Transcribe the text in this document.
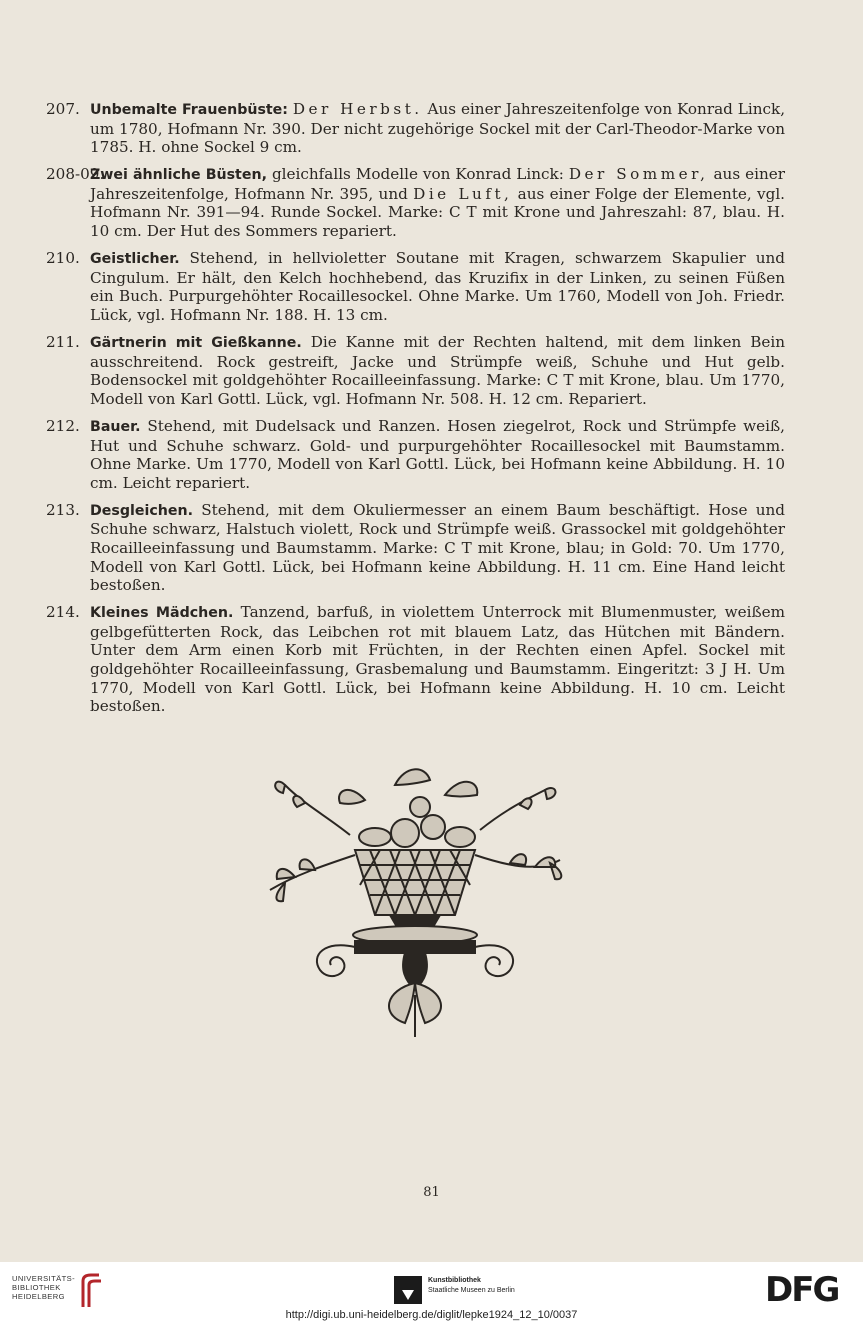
207. Unbemalte Frauenbüste: Der Herbst. Aus einer Jahreszeitenfolge von Konrad Linck, um 1780, Hofmann Nr. 390. Der nicht zugehörige Sockel mit der Carl-Theodor-Marke von 1785. H. ohne Sockel 9 cm.
208-09.
Zwei ähnliche Büsten, gleichfalls Modelle von Konrad Linck: Der Sommer, aus einer Jahreszeitenfolge, Hofmann Nr. 395, und Die Luft, aus einer Folge der Elemente, vgl. Hofmann Nr. 391—94. Runde Sockel. Marke: C T mit Krone und Jahreszahl: 87, blau. H. 10 cm. Der Hut des Sommers repariert.
210. Geistlicher. Stehend, in hellvioletter Soutane mit Kragen, schwarzem Skapulier und Cingulum. Er hält, den Kelch hochhebend, das Kruzifix in der Linken, zu seinen Füßen ein Buch. Purpurgehöhter Rocaillesockel. Ohne Marke. Um 1760, Modell von Joh. Friedr. Lück, vgl. Hofmann Nr. 188. H. 13 cm.
211. Gärtnerin mit Gießkanne. Die Kanne mit der Rechten haltend, mit dem linken Bein ausschreitend. Rock gestreift, Jacke und Strümpfe weiß, Schuhe und Hut gelb. Bodensockel mit goldgehöhter Rocailleeinfassung. Marke: C T mit Krone, blau. Um 1770, Modell von Karl Gottl. Lück, vgl. Hofmann Nr. 508. H. 12 cm. Repariert.
212. Bauer. Stehend, mit Dudelsack und Ranzen. Hosen ziegelrot, Rock und Strümpfe weiß, Hut und Schuhe schwarz. Gold- und purpurgehöhter Rocaillesockel mit Baumstamm. Ohne Marke. Um 1770, Modell von Karl Gottl. Lück, bei Hofmann keine Abbildung. H. 10 cm. Leicht repariert.
213. Desgleichen. Stehend, mit dem Okuliermesser an einem Baum beschäftigt. Hose und Schuhe schwarz, Halstuch violett, Rock und Strümpfe weiß. Grassockel mit goldgehöhter Rocailleeinfassung und Baumstamm. Marke: C T mit Krone, blau; in Gold: 70. Um 1770, Modell von Karl Gottl. Lück, bei Hofmann keine Abbildung. H. 11 cm. Eine Hand leicht bestoßen.
214. Kleines Mädchen. Tanzend, barfuß, in violettem Unterrock mit Blumenmuster, weißem gelbgefütterten Rock, das Leibchen rot mit blauem Latz, das Hütchen mit Bändern. Unter dem Arm einen Korb mit Früchten, in der Rechten einen Apfel. Sockel mit goldgehöhter Rocailleeinfassung, Grasbemalung und Baumstamm. Eingeritzt: 3 J H. Um 1770, Modell von Karl Gottl. Lück, bei Hofmann keine Abbildung. H. 10 cm. Leicht bestoßen.
81
UNIVERSITÄTS-
BIBLIOTHEK
HEIDELBERG
Kunstbibliothek
Staatliche Museen zu Berlin	DFG
http://digi.ub.uni-heidelberg.de/diglit/lepke1924_12_10/0037
